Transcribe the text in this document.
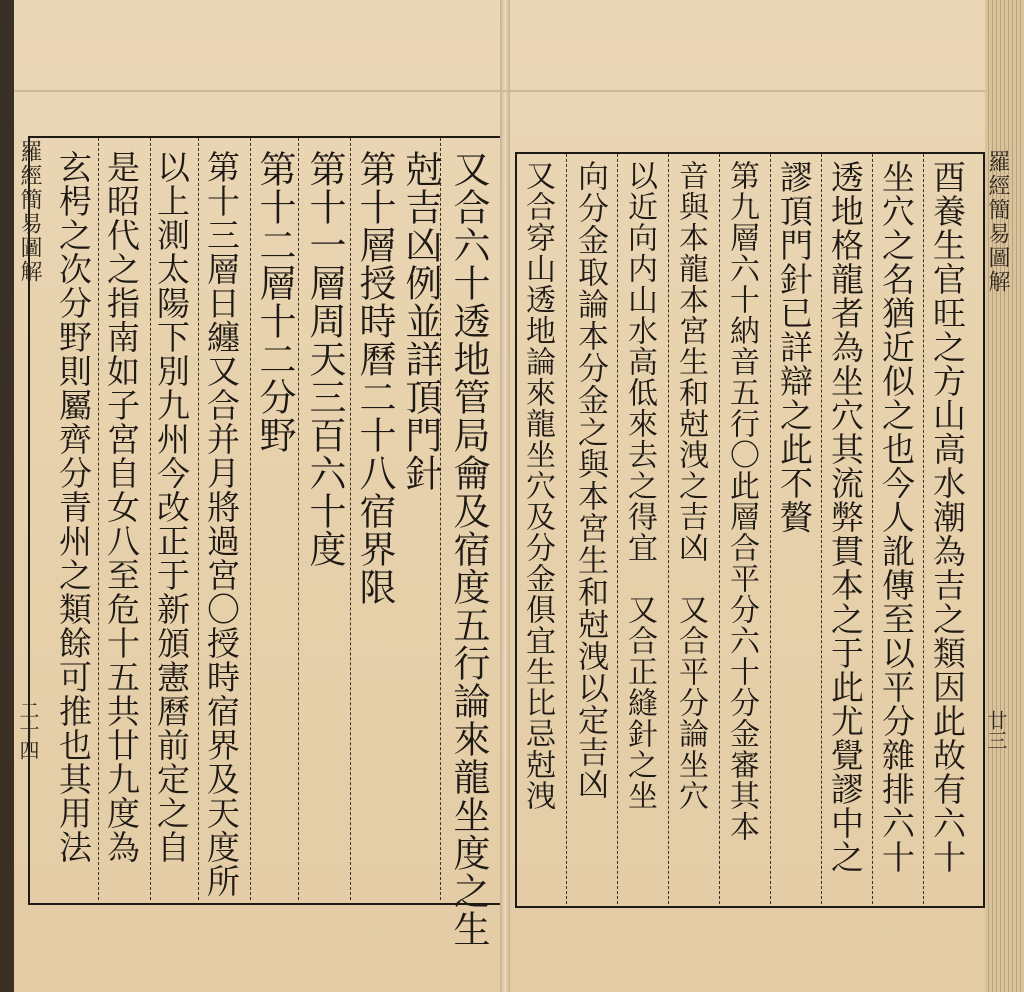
羅經簡易圖解
二十四	又合六十透地管局龠及宿度五行論來龍坐度之生
尅吉凶例並詳頂門針
第十層授時曆二十八宿界限
第十一層周天三百六十度
第十二層十二分野
第十三層日纏又合并月將過宮〇授時宿界及天度所
以上測太陽下別九州今改正于新頒憲曆前定之自
是昭代之指南如子宮自女八至危十五共廿九度為
玄枵之次分野則屬齊分青州之類餘可推也其用法	羅經簡易圖解
廿三
酉養生官旺之方山高水潮為吉之類因此故有六十
坐穴之名猶近似之也今人訛傳至以平分雜排六十
透地格龍者為坐穴其流弊貫本之于此尤覺謬中之
謬頂門針已詳辯之此不贅
第九層六十納音五行〇此層合平分六十分金審其本
音與本龍本宮生和尅洩之吉凶　又合平分論坐穴
以近向内山水高低來去之得宜　又合正縫針之坐
向分金取論本分金之與本宮生和尅洩以定吉凶
又合穿山透地論來龍坐穴及分金俱宜生比忌尅洩
